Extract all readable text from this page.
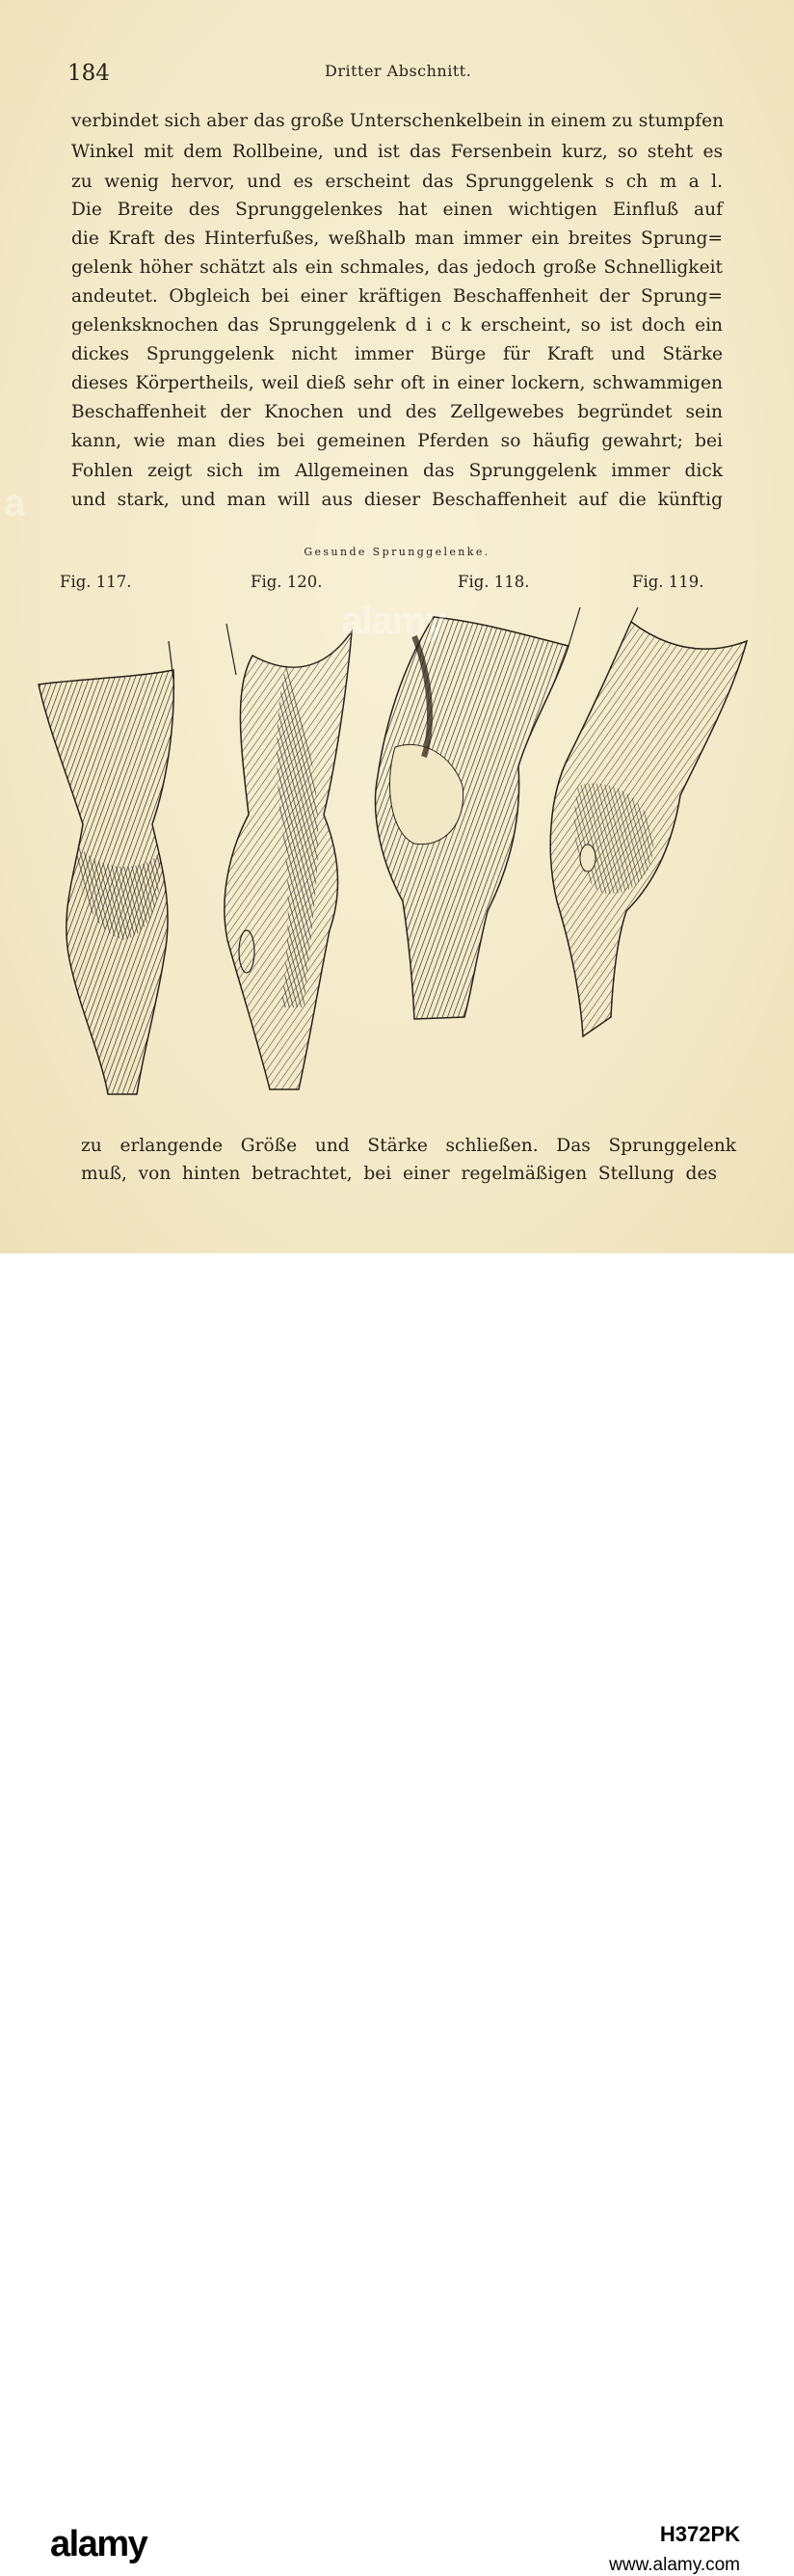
184	Dritter Abschnitt.
verbindet sich aber das große Unterschenkelbein in einem zu stumpfen
Winkel mit dem Rollbeine, und ist das Fersenbein kurz, so steht es
zu wenig hervor, und es erscheint das Sprunggelenk s ch m a l.
Die Breite des Sprunggelenkes hat einen wichtigen Einfluß auf
die Kraft des Hinterfußes, weßhalb man immer ein breites Sprung=
gelenk höher schätzt als ein schmales, das jedoch große Schnelligkeit
andeutet. Obgleich bei einer kräftigen Beschaffenheit der Sprung=
gelenksknochen das Sprunggelenk d i c k erscheint, so ist doch ein
dickes Sprunggelenk nicht immer Bürge für Kraft und Stärke
dieses Körpertheils, weil dieß sehr oft in einer lockern, schwammigen
Beschaffenheit der Knochen und des Zellgewebes begründet sein
kann, wie man dies bei gemeinen Pferden so häufig gewahrt; bei
Fohlen zeigt sich im Allgemeinen das Sprunggelenk immer dick
und stark, und man will aus dieser Beschaffenheit auf die künftig
Gesunde Sprunggelenke.
Fig. 117.	Fig. 120.	Fig. 118.	Fig. 119.
zu erlangende Größe und Stärke schließen. Das Sprunggelenk
muß, von hinten betrachtet, bei einer regelmäßigen Stellung des
alamy
a
alamy	H372PK
www.alamy.com
